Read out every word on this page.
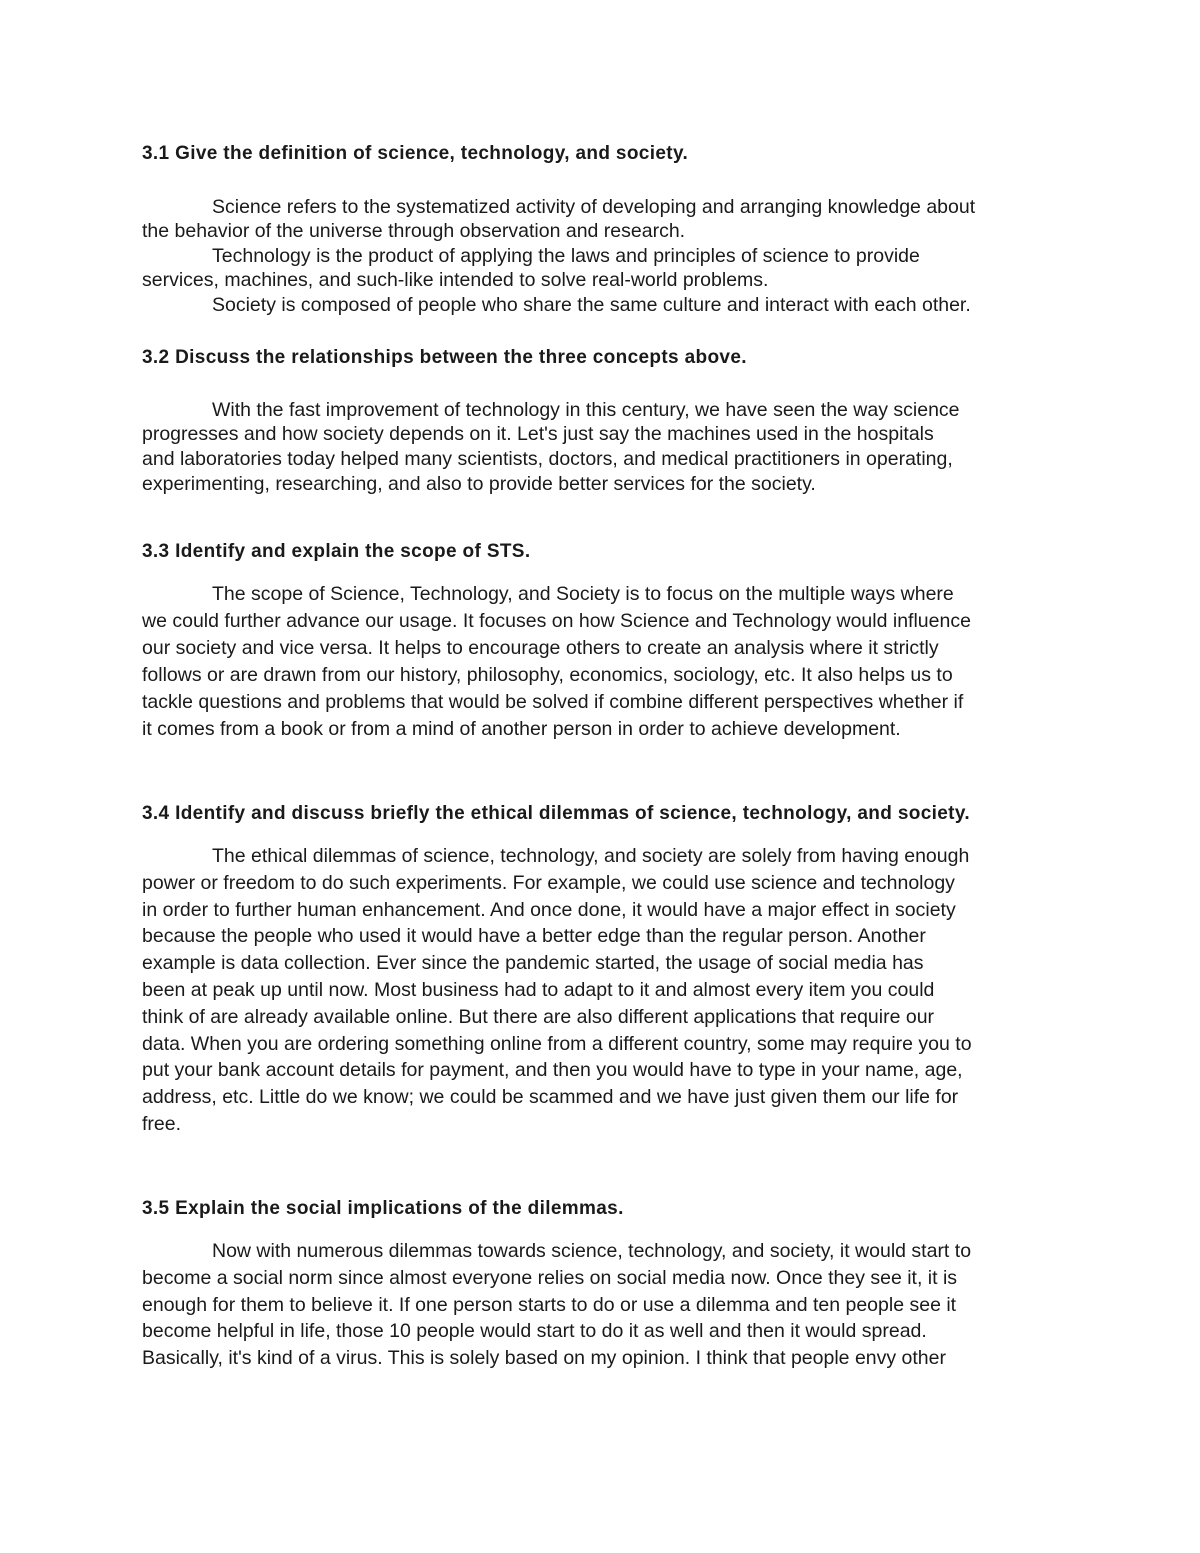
3.1 Give the definition of science, technology, and society.
Science refers to the systematized activity of developing and arranging knowledge about
the behavior of the universe through observation and research.
Technology is the product of applying the laws and principles of science to provide
services, machines, and such-like intended to solve real-world problems.
Society is composed of people who share the same culture and interact with each other.
3.2 Discuss the relationships between the three concepts above.
With the fast improvement of technology in this century, we have seen the way science
progresses and how society depends on it. Let's just say the machines used in the hospitals
and laboratories today helped many scientists, doctors, and medical practitioners in operating,
experimenting, researching, and also to provide better services for the society.
3.3 Identify and explain the scope of STS.
The scope of Science, Technology, and Society is to focus on the multiple ways where
we could further advance our usage. It focuses on how Science and Technology would influence
our society and vice versa. It helps to encourage others to create an analysis where it strictly
follows or are drawn from our history, philosophy, economics, sociology, etc. It also helps us to
tackle questions and problems that would be solved if combine different perspectives whether if
it comes from a book or from a mind of another person in order to achieve development.
3.4 Identify and discuss briefly the ethical dilemmas of science, technology, and society.
The ethical dilemmas of science, technology, and society are solely from having enough
power or freedom to do such experiments. For example, we could use science and technology
in order to further human enhancement. And once done, it would have a major effect in society
because the people who used it would have a better edge than the regular person. Another
example is data collection. Ever since the pandemic started, the usage of social media has
been at peak up until now. Most business had to adapt to it and almost every item you could
think of are already available online. But there are also different applications that require our
data. When you are ordering something online from a different country, some may require you to
put your bank account details for payment, and then you would have to type in your name, age,
address, etc. Little do we know; we could be scammed and we have just given them our life for
free.
3.5 Explain the social implications of the dilemmas.
Now with numerous dilemmas towards science, technology, and society, it would start to
become a social norm since almost everyone relies on social media now. Once they see it, it is
enough for them to believe it. If one person starts to do or use a dilemma and ten people see it
become helpful in life, those 10 people would start to do it as well and then it would spread.
Basically, it's kind of a virus. This is solely based on my opinion. I think that people envy other
